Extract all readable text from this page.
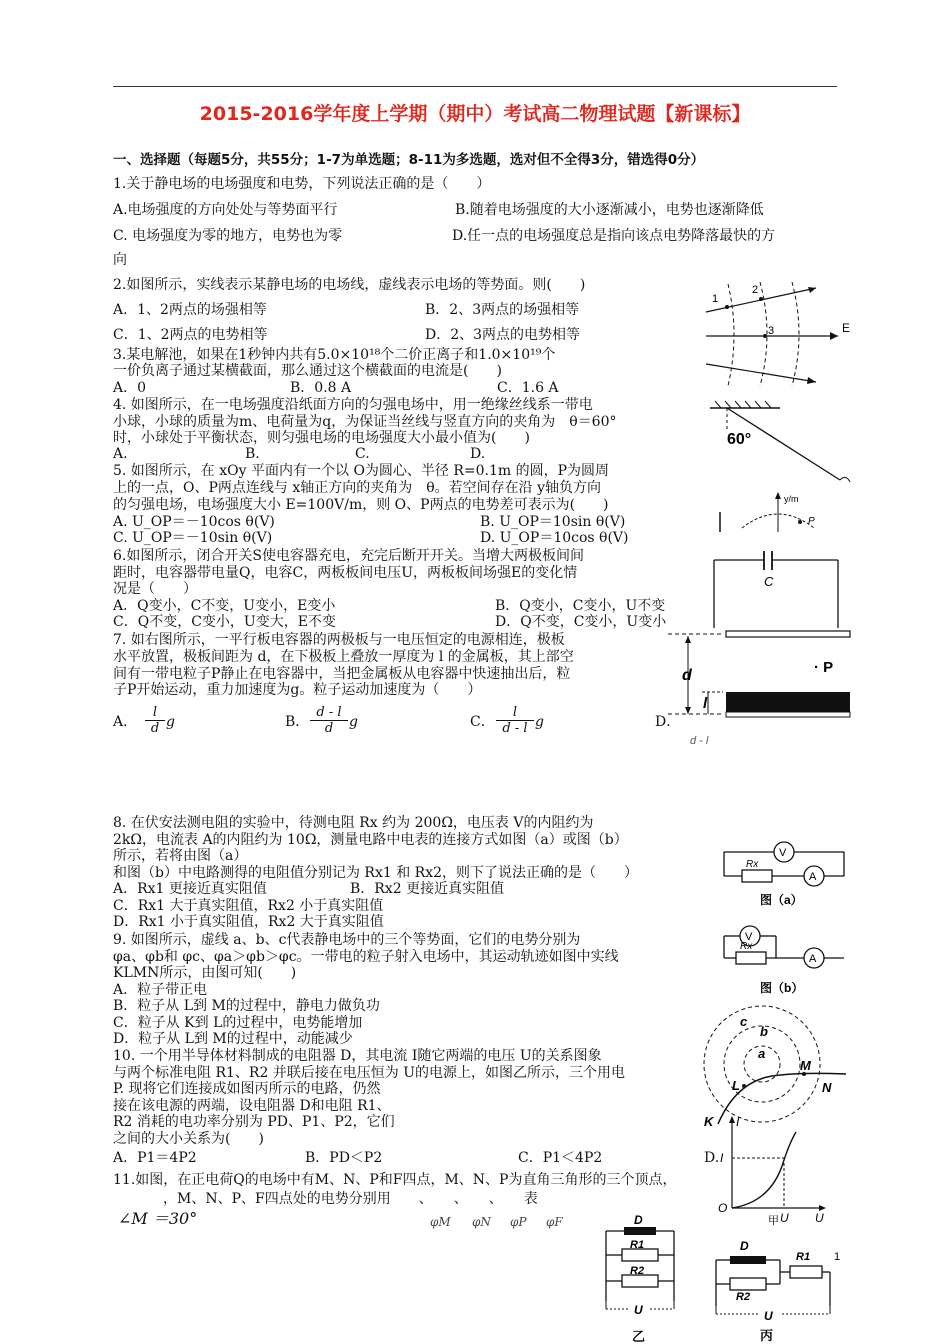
2015-2016学年度上学期（期中）考试高二物理试题【新课标】
一、选择题（每题5分，共55分；1-7为单选题；8-11为多选题，选对但不全得3分，错选得0分）
1.关于静电场的电场强度和电势，下列说法正确的是（　　）
A.电场强度的方向处处与等势面平行	B.随着电场强度的大小逐渐减小，电势也逐渐降低
C. 电场强度为零的地方，电势也为零	D.任一点的电场强度总是指向该点电势降落最快的方
向
2.如图所示，实线表示某静电场的电场线，虚线表示电场的等势面。则(　　)
A．1、2两点的场强相等	B．2、3两点的场强相等
C．1、2两点的电势相等	D．2、3两点的电势相等
1
2
3	E
3.某电解池，如果在1秒钟内共有5.0×10¹⁸个二价正离子和1.0×10¹⁹个
一价负离子通过某横截面，那么通过这个横截面的电流是(　　)
A．0	B．0.8 A	C．1.6 A
4. 如图所示，在一电场强度沿纸面方向的匀强电场中，用一绝缘丝线系一带电
小球，小球的质量为m、电荷量为q，为保证当丝线与竖直方向的夹角为　θ＝60°
时，小球处于平衡状态，则匀强电场的电场强度大小最小值为(　　)
A.	B.	C.	D.
60°
5. 如图所示，在 xOy 平面内有一个以 O为圆心、半径 R=0.1m 的圆，P为圆周
上的一点，O、P两点连线与 x轴正方向的夹角为　θ。若空间存在沿 y轴负方向
的匀强电场，电场强度大小 E=100V/m，则 O、P两点的电势差可表示为(　　)
A. U_OP＝－10cos θ(V)	B. U_OP＝10sin θ(V)
C. U_OP＝－10sin θ(V)	D. U_OP＝10cos θ(V)
y/m
P
6.如图所示，闭合开关S使电容器充电，充完后断开开关。当增大两极板间间
距时，电容器带电量Q，电容C，两板板间电压U，两板板间场强E的变化情
况是（　　）
A．Q变小，C不变，U变小，E变小	B．Q变小，C变小，U不变
C．Q不变，C变小，U变大，E不变	D．Q不变，C变小，U变小
C
7. 如右图所示，一平行板电容器的两极板与一电压恒定的电源相连，极板
水平放置，极板间距为 d，在下极板上叠放一厚度为 l 的金属板，其上部空
间有一带电粒子P静止在电容器中，当把金属板从电容器中快速抽出后，粒
子P开始运动，重力加速度为g。粒子运动加速度为（　　）
A． $\frac{l}{d}$ g	B． $\frac{d - l}{d}$ g	C． $\frac{l}{d - l}$ g	D．
d
l
· P
d - l
8. 在伏安法测电阻的实验中，待测电阻 Rx 约为 200Ω，电压表 V的内阻约为
2kΩ，电流表 A的内阻约为 10Ω，测量电路中电表的连接方式如图（a）或图（b）
所示，若将由图（a）
和图（b）中电路测得的电阻值分别记为 Rx1 和 Rx2，则下了说法正确的是（　　）
A．Rx1 更接近真实阻值	B．Rx2 更接近真实阻值
C．Rx1 大于真实阻值，Rx2 小于真实阻值
D．Rx1 小于真实阻值，Rx2 大于真实阻值
V
A
Rx
图（a）
V
A
Rx
图（b）
9. 如图所示，虚线 a、b、c代表静电场中的三个等势面，它们的电势分别为
φa、φb和 φc、φa＞φb＞φc。一带电的粒子射入电场中，其运动轨迹如图中实线
KLMN所示，由图可知(　　)
A．粒子带正电
B．粒子从 L到 M的过程中，静电力做负功
C．粒子从 K到 L的过程中，电势能增加
D．粒子从 L到 M的过程中，动能减少
c
b
a
L
M
N
K
10. 一个用半导体材料制成的电阻器 D，其电流 I随它两端的电压 U的关系图象
与两个标准电阻 R1、R2 并联后接在电压恒为 U的电源上，如图乙所示，三个用电
P. 现将它们连接成如图丙所示的电路，仍然
接在该电源的两端，设电阻器 D和电阻 R1、
R2 消耗的电功率分别为 PD、P1、P2，它们
之间的大小关系为(　　)
A．P1＝4P2	B．PD＜P2	C．P1＜4P2	D.
I
I
O
U U
甲
D
R1
R2
U
乙
D
R2
R1
U
1
丙
11.如图，在正电荷Q的电场中有M、N、P和F四点，M、N、P为直角三角形的三个顶点，
，M、N、P、F四点处的电势分别用　　、　　、　　、　　表
∠M ＝30°	φM φN φP φF
